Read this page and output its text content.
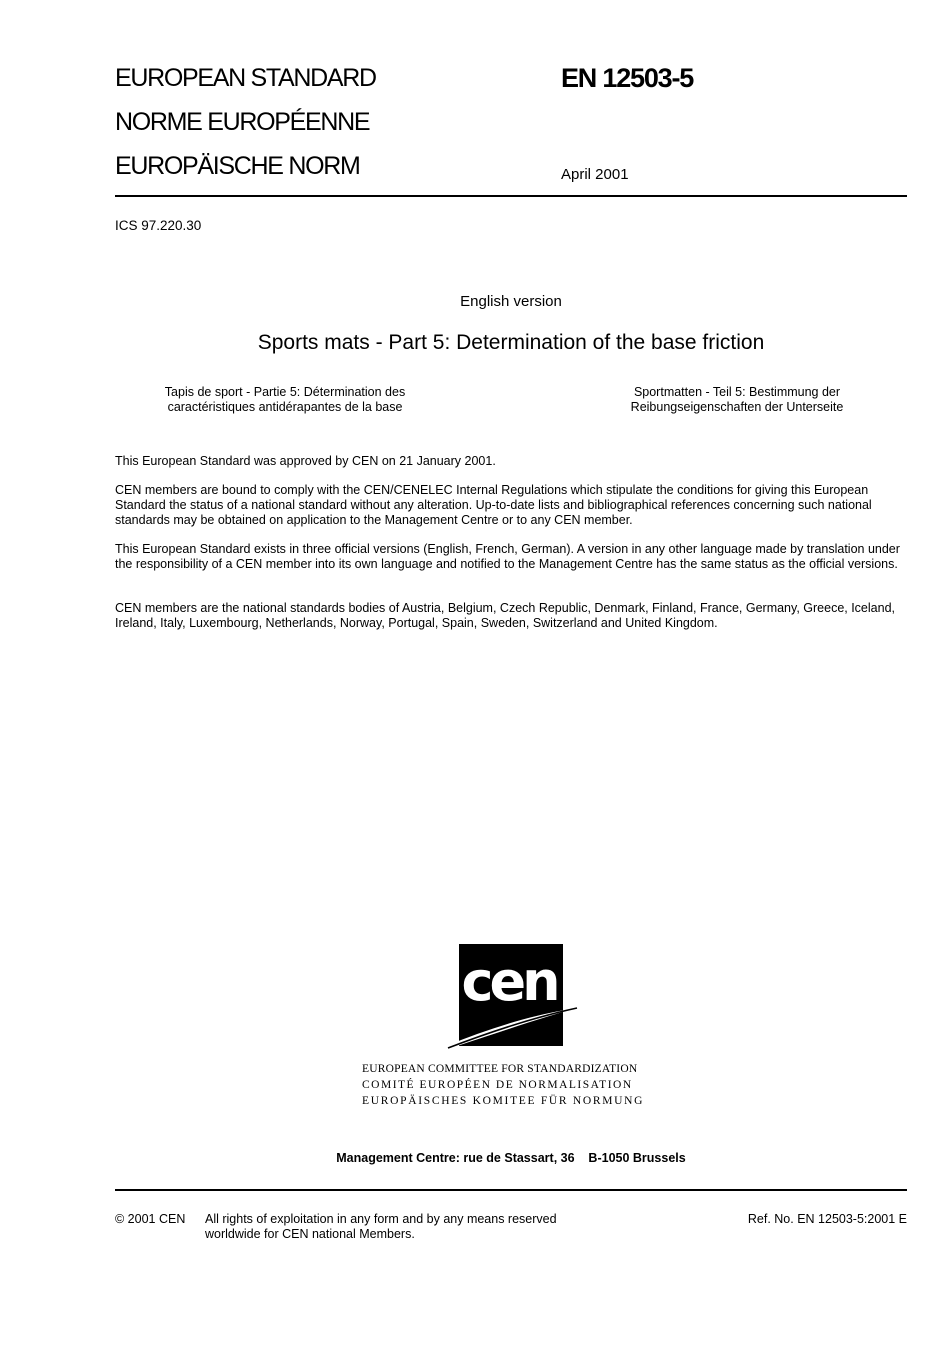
EUROPEAN STANDARD
NORME EUROPÉENNE
EUROPÄISCHE NORM
EN 12503-5
April 2001
ICS 97.220.30
English version
Sports mats - Part 5: Determination of the base friction
Tapis de sport - Partie 5: Détermination des
caractéristiques antidérapantes de la base
Sportmatten - Teil 5: Bestimmung der
Reibungseigenschaften der Unterseite

This European Standard was approved by CEN on 21 January 2001.

CEN members are bound to comply with the CEN/CENELEC Internal Regulations which stipulate the conditions for giving this European Standard the status of a national standard without any alteration. Up-to-date lists and bibliographical references concerning such national standards may be obtained on application to the Management Centre or to any CEN member.

This European Standard exists in three official versions (English, French, German). A version in any other language made by translation under the responsibility of a CEN member into its own language and notified to the Management Centre has the same status as the official versions.

CEN members are the national standards bodies of Austria, Belgium, Czech Republic, Denmark, Finland, France, Germany, Greece, Iceland, Ireland, Italy, Luxembourg, Netherlands, Norway, Portugal, Spain, Sweden, Switzerland and United Kingdom.

cen
EUROPEAN COMMITTEE FOR STANDARDIZATION
COMITÉ EUROPÉEN DE NORMALISATION
EUROPÄISCHES KOMITEE FÜR NORMUNG
Management Centre: rue de Stassart, 36    B-1050 Brussels
© 2001 CEN All rights of exploitation in any form and by any means reserved
worldwide for CEN national Members.
Ref. No. EN 12503-5:2001 E
